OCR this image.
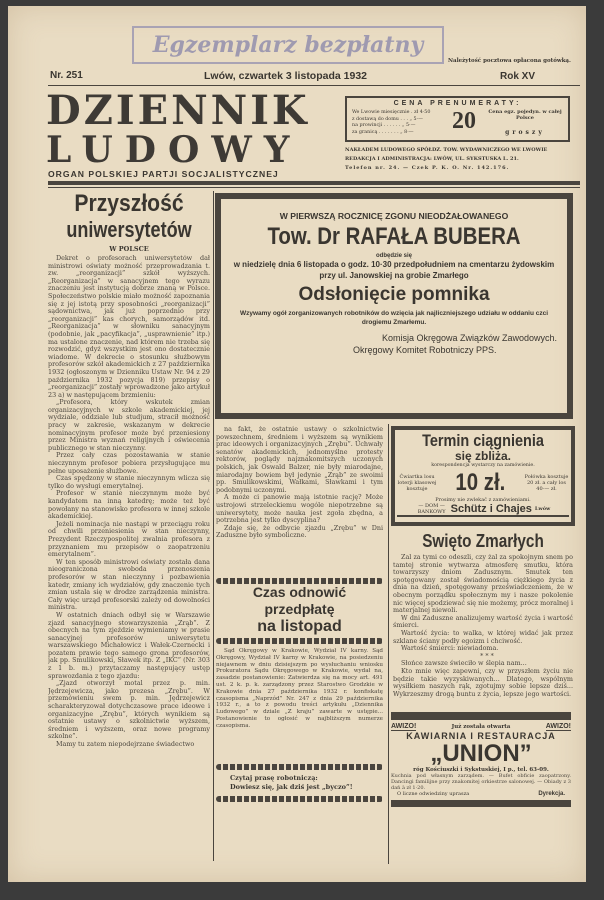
Egzemplarz bezpłatny
Nr. 251	Lwów, czwartek 3 listopada 1932
Należytość pocztowa opłacona gotówką.
Rok XV
DZIENNIK
LUDOWY
ORGAN POLSKIEJ PARTJI SOCJALISTYCZNEJ
CENA PRENUMERATY:
We Lwowie miesięcznie . zł 4·50
z dostawą do domu . . . „ 5·—
na prowincji . . . . . . „ 5·—
za granicą . . . . . . . „ 8·—	20 Cena egz. pojedyn. w całej Polsce
groszy
NAKŁADEM LUDOWEGO SPÓŁDZ. TOW. WYDAWNICZEGO WE LWOWIE
REDAKCJA I ADMINISTRACJA: LWÓW, UL. SYKSTUSKA L. 21.
Telefon nr. 24. — Czek P. K. O. Nr. 142.176.
Przyszłość
uniwersytetów
W POLSCE

Dekret o profesorach uniwersytetów dał ministrowi oświaty możność przeprowadzania t. zw. „reorganizacji” szkół wyższych. „Reorganizacja” w sanacyjnem tego wyrazu znaczeniu jest instytucją dobrze znaną w Polsce. Społeczeństwo polskie miało możność zapoznania się z jej istotą przy sposobności „reorganizacji” sądownictwa, jak już poprzednio przy „reorganizacji” kas chorych, samorządów itd. „Reorganizacja” w słowniku sanacyjnym (podobnie, jak „pacyfikacja”, „usprawnienie” itp.) ma ustalone znaczenie, nad którem nie trzeba się rozwodzić, gdyż wszystkim jest ono dostatecznie wiadome. W dekrecie o stosunku służbowym profesorów szkół akademickich z 27 października 1932 (ogłoszonym w Dzienniku Ustaw Nr. 94 z 29 października 1932 pozycja 819) przepisy o „reorganizacji” zostały wprowadzone jako artykuł 23 a) w następującem brzmieniu:

„Profesora, który wskutek zmian organizacyjnych w szkole akademickiej, jej wydziale, oddziale lub studjum, stracił możność pracy w zakresie, wskazanym w dekrecie nominacyjnym profesor może być przeniesiony przez Ministra wyznań religijnych i oświecenia publicznego w stan nieczynny.

Przez cały czas pozostawania w stanie nieczynnym profesor pobiera przysługujące mu pełne uposażenie służbowe.

Czas spędzony w stanie nieczynnym wlicza się tylko do wysługi emerytalnej.

Profesor w stanie nieczynnym może być kandydatem na inną katedrę; może też być powołany na stanowisko profesora w innej szkole akademickiej.

Jeżeli nominacja nie nastąpi w przeciągu roku od chwili przeniesienia w stan nieczynny, Prezydent Rzeczypospolitej zwalnia profesora z przyznaniem mu przepisów o zaopatrzeniu emerytalnem”.

W ten sposób ministrowi oświaty została dana nieograniczona swoboda przenoszenia profesorów w stan nieczynny i pozbawienia katedr, zmiany ich wydziałów, gdy znaczenie tych zmian ustala się w drodze zarządzenia ministra. Cały więc urząd profesorski zależy od dowolności ministra.

W ostatnich dniach odbył się w Warszawie zjazd sanacyjnego stowarzyszenia „Zrąb”. Z obecnych na tym zjeździe wymieniamy w prasie sanacyjnej profesorów uniwersytetu warszawskiego Michałowicz i Wałek-Czernecki i pozatem prawie tego samego grona profesorów, jak pp. Smulikowski, Sławek itp. Z „IKC” (Nr. 303 z 1 b. m.) przytaczamy następujący ustęp sprawozdania z tego zjazdu:

„Zjazd otworzył motal przez p. min. Jędrzejewicza, jako prezesa „Zrębu”. W przemówieniu swem p. min. Jędrzejewicz scharakteryzował dotychczasowe prace ideowe i organizacyjne „Zrębu”, których wynikiem są ostatnie ustawy o szkolnictwie wyższem, średniem i wyższem, oraz nowe programy szkolne”.

Mamy tu zatem niepodejrzane świadectwo

W PIERWSZĄ ROCZNICĘ ZGONU NIEODŻAŁOWANEGO
Tow. Dr RAFAŁA BUBERA
odbędzie się
w niedzielę dnia 6 listopada o godz. 10·30 przedpołudniem na cmentarzu żydowskim przy ul. Janowskiej na grobie Zmarłego
Odsłonięcie pomnika
Wzywamy ogół zorganizowanych robotników do wzięcia jak najliczniejszego udziału w oddaniu czci drogiemu Zmarłemu.
Komisja Okręgowa Związków Zawodowych.
Okręgowy Komitet Robotniczy PPS.

na fakt, że ostatnie ustawy o szkolnictwie powszechnem, średniem i wyższem są wynikiem prac ideowych i organizacyjnych „Zrębu”. Uchwały senatów akademickich, jednomyślne protesty rektorów, poglądy najznakomitszych uczonych polskich, jak Oswald Balzer, nie były miarodajne, miarodajny bowiem był jedynie „Zrąb” ze swoimi pp. Smulikowskimi, Wałkami, Sławkami i tym podobnymi uczonymi.

A może ci panowie mają istotnie rację? Może ustrojowi strzeleckiemu wogóle niepotrzebne są uniwersytety, może nauka jest zgoła zbędna, a potrzebna jest tylko dyscyplina?

Zdaje się, że odbycie zjazdu „Zrębu” w Dni Zaduszne było symboliczne.

Czas odnowić przedpłatę
na listopad

Sąd Okręgowy w Krakowie, Wydział IV karny. Sąd Okręgowy, Wydział IV karny w Krakowie, na posiedzeniu niejawnem w dniu dzisiejszym po wysłuchaniu wniosku Prokuratora Sądu Okręgowego w Krakowie, wydał na, zasadzie postanowienie: Zatwierdza się na mocy art. 491 ust. 2 k. p. k. zarządzony przez Starostwo Grodzkie w Krakowie dnia 27 października 1932 r. konfiskatę czasopisma „Naprzód” Nr. 247 z dnia 29 października 1932 r., a to z powodu treści artykułu „Dziennika Ludowego” w dziale „Z kraju” zawarte w ustępie... Postanowienie to ogłosić w najbliższym numerze czasopisma.

Czytaj prasę robotniczą:
Dowiesz się, jak dziś jest „byczo”!
Termin ciągnienia
się zbliża.
korespondencja wystarczy na zamówienie.
Ćwiartka losu loterji klasowej kosztuje	10 zł.	Połówka kosztuje 20 zł. a cały los 40·— zł.
Prosimy nie zwlekać z zamówieniami.
— DOM — BANKOWY Schütz i Chajes Lwów
Swięto Zmarłych

Żal za tymi co odeszli, czy żal za spokojnym snem po tamtej stronie wytwarza atmosferę smutku, która towarzyszy dniom Zadusznym. Smutek ten spotęgowany został świadomością ciężkiego życia z dnia na dzień, spotęgowany przeświadczeniem, że w obecnym porządku społecznym my i nasze pokolenie nic więcej spodziewać się nie możemy, prócz moralnej i materjalnej niewoli.

W dni Zaduszne analizujemy wartość życia i wartość śmierci.

Wartość życia: to walka, w której widać jak przez szklane ściany podły egoizm i chciwość.

Wartość śmierci: niewiadoma.

* * *

Słońce zawsze świeciło w ślepia nam...

Kto mnie więc zapewni, czy w przyszłem życiu nie będzie takie wyzyskiwanych... Dlatego, wspólnym wysiłkiem naszych rąk, zgotujmy sobie lepsze dziś... Wykrzeszmy drogą buntu z życia, lepsze jego wartości.

AWIZO!	Już została otwarta	AWIZO!
KAWIARNIA I RESTAURACJA
„UNION”
róg Kościuszki i Sykstuskiej, I p., tel. 63-09.
Kuchnia pod własnym zarządem. — Bufet obficie zaopatrzony. Dancingi familijne przy znakomitej orkiestrze salonowej. — Obiady z 3 dań à zł 1·20.
O liczne odwiedziny uprasza	Dyrekcja.
